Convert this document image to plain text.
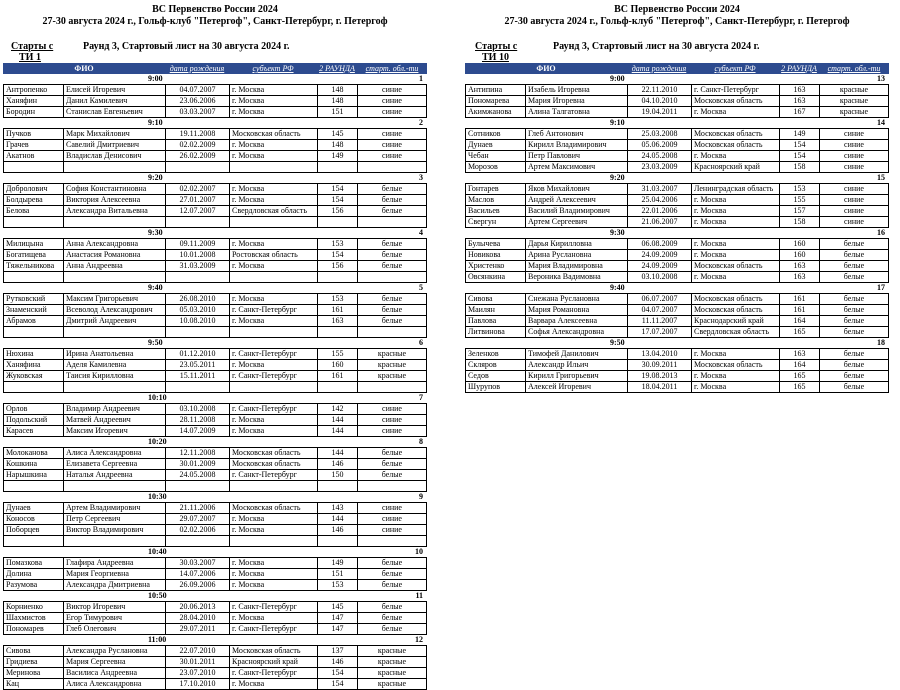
ВС Первенство России 2024
27-30 августа 2024 г., Гольф-клуб "Петергоф", Санкт-Петербург, г. Петергоф
Старты с
ТИ 1
Раунд 3, Стартовый лист на 30 августа 2024 г.
ФИО	дата рождения	субъект РФ	2 РАУНДА	старт. обл.-ти
9:00	1
Антропенко	Елисей Игоревич	04.07.2007	г. Москва	148	синие
Ханяфин	Данил Камилевич	23.06.2006	г. Москва	148	синие
Бородин	Станислав Евгеньевич	03.03.2007	г. Москва	151	синие
9:10	2
Пучков	Марк Михайлович	19.11.2008	Московская область	145	синие
Грачев	Савелий Дмитриевич	02.02.2009	г. Москва	148	синие
Акатнов	Владислав Денисович	26.02.2009	г. Москва	149	синие
9:20	3
Добролович	София Константиновна	02.02.2007	г. Москва	154	белые
Болдырева	Виктория Алексеевна	27.01.2007	г. Москва	154	белые
Белова	Александра Витальевна	12.07.2007	Свердловская область	156	белые
9:30	4
Милицына	Анна Александровна	09.11.2009	г. Москва	153	белые
Богатищева	Анастасия Романовна	10.01.2008	Ростовская область	154	белые
Тяжельникова	Анна Андреевна	31.03.2009	г. Москва	156	белые
9:40	5
Рутковский	Максим Григорьевич	26.08.2010	г. Москва	153	белые
Знаменский	Всеволод Александрович	05.03.2010	г. Санкт-Петербург	161	белые
Абрамов	Дмитрий Андреевич	10.08.2010	г. Москва	163	белые
9:50	6
Нюхина	Ирина Анатольевна	01.12.2010	г. Санкт-Петербург	155	красные
Ханяфина	Аделя Камилевна	23.05.2011	г. Москва	160	красные
Жуковская	Таисия Кирилловна	15.11.2011	г. Санкт-Петербург	161	красные
10:10	7
Орлов	Владимир Андреевич	03.10.2008	г. Санкт-Петербург	142	синие
Подольский	Матвей Андреевич	28.11.2008	г. Москва	144	синие
Карасев	Максим Игоревич	14.07.2009	г. Москва	144	синие
10:20	8
Молоканова	Алиса Александровна	12.11.2008	Московская область	144	белые
Кошкина	Елизавета Сергеевна	30.01.2009	Московская область	146	белые
Нарышкина	Наталья Андреевна	24.05.2008	г. Санкт-Петербург	150	белые
10:30	9
Дунаев	Артем Владимирович	21.11.2006	Московская область	143	синие
Коносов	Петр Сергеевич	29.07.2007	г. Москва	144	синие
Поборцев	Виктор Владимирович	02.02.2006	г. Москва	146	синие
10:40	10
Помазкова	Глафира Андреевна	30.03.2007	г. Москва	149	белые
Долина	Мария Георгиевна	14.07.2006	г. Москва	151	белые
Разумова	Александра Дмитриевна	26.09.2006	г. Москва	153	белые
10:50	11
Корниенко	Виктор Игоревич	20.06.2013	г. Санкт-Петербург	145	белые
Шахмистов	Егор Тимурович	28.04.2010	г. Москва	147	белые
Пономарев	Глеб Олегович	29.07.2011	г. Санкт-Петербург	147	белые
11:00	12
Сивова	Александра Руслановна	22.07.2010	Московская область	137	красные
Гридиева	Мария Сергеевна	30.01.2011	Красноярский край	146	красные
Меринова	Василиса Андреевна	23.07.2010	г. Санкт-Петербург	154	красные
Кац	Алиса Александровна	17.10.2010	г. Москва	154	красные
ВС Первенство России 2024
27-30 августа 2024 г., Гольф-клуб "Петергоф", Санкт-Петербург, г. Петергоф
Старты с
ТИ 10
Раунд 3, Стартовый лист на 30 августа 2024 г.
ФИО	дата рождения	субъект РФ	2 РАУНДА	старт. обл.-ти
9:00	13
Антипина	Изабель Игоревна	22.11.2010	г. Санкт-Петербург	163	красные
Пономарева	Мария Игоревна	04.10.2010	Московская область	163	красные
Акимжанова	Алина Талгатовна	19.04.2011	г. Москва	167	красные
9:10	14
Сотников	Глеб Антонович	25.03.2008	Московская область	149	синие
Дунаев	Кирилл Владимирович	05.06.2009	Московская область	154	синие
Чебан	Петр Павлович	24.05.2008	г. Москва	154	синие
Морозов	Артем Максимович	23.03.2009	Красноярский край	158	синие
9:20	15
Гонтарев	Яков Михайлович	31.03.2007	Ленинградская область	153	синие
Маслов	Андрей Алексеевич	25.04.2006	г. Москва	155	синие
Васильев	Василий Владимирович	22.01.2006	г. Москва	157	синие
Свергун	Артем Сергеевич	21.06.2007	г. Москва	158	синие
9:30	16
Булычева	Дарья Кирилловна	06.08.2009	г. Москва	160	белые
Новикова	Арина Руслановна	24.09.2009	г. Москва	160	белые
Христенко	Мария Владимировна	24.09.2009	Московская область	163	белые
Овсянкина	Вероника Вадимовна	03.10.2008	г. Москва	163	белые
9:40	17
Сивова	Снежана Руслановна	06.07.2007	Московская область	161	белые
Маилян	Мария Романовна	04.07.2007	Московская область	161	белые
Павлова	Варвара Алексеевна	11.11.2007	Краснодарский край	164	белые
Литвинова	Софья Александровна	17.07.2007	Свердловская область	165	белые
9:50	18
Зеленков	Тимофей Данилович	13.04.2010	г. Москва	163	белые
Скляров	Александр Ильич	30.09.2011	Московская область	164	белые
Седов	Кирилл Григорьевич	19.08.2013	г. Москва	165	белые
Шурупов	Алексей Игоревич	18.04.2011	г. Москва	165	белые
